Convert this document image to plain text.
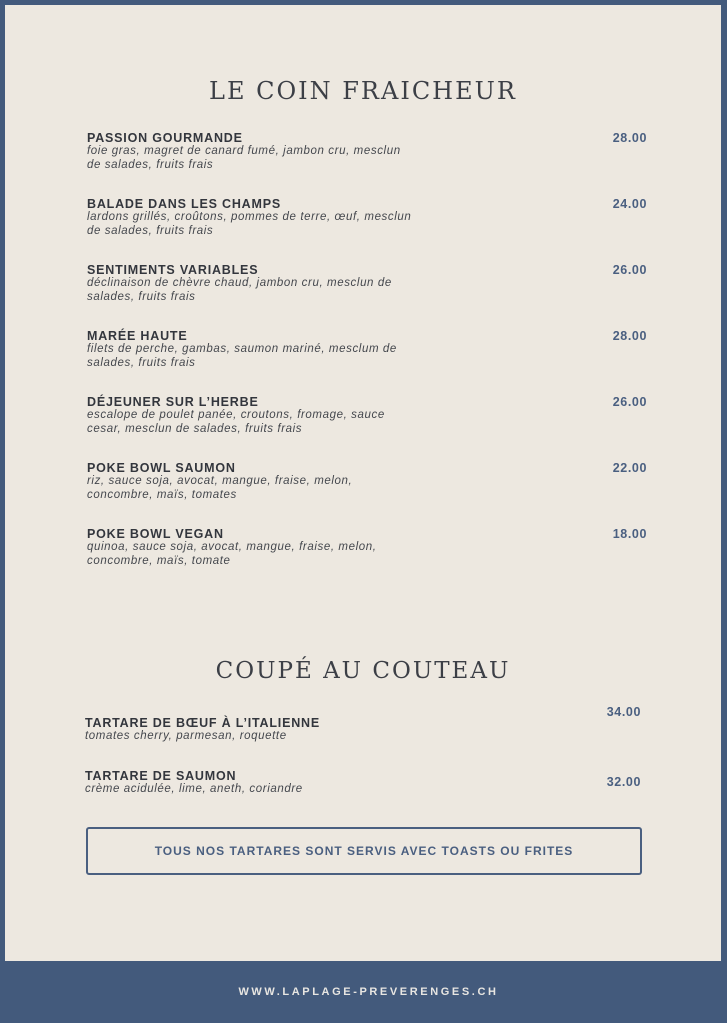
LE COIN FRAICHEUR
PASSION GOURMANDE
foie gras, magret de canard fumé, jambon cru, mesclun de salades, fruits frais
28.00
BALADE DANS LES CHAMPS
lardons grillés, croûtons, pommes de terre, œuf, mesclun de salades, fruits frais
24.00
SENTIMENTS VARIABLES
déclinaison de chèvre chaud, jambon cru, mesclun de salades, fruits frais
26.00
MARÉE HAUTE
filets de perche, gambas, saumon mariné, mesclum de salades, fruits frais
28.00
DÉJEUNER SUR L’HERBE
escalope de poulet panée, croutons, fromage, sauce cesar, mesclun de salades, fruits frais
26.00
POKE BOWL SAUMON
riz, sauce soja, avocat, mangue, fraise, melon, concombre, maïs, tomates
22.00
POKE BOWL VEGAN
quinoa, sauce soja, avocat, mangue, fraise, melon, concombre, maïs, tomate
18.00
COUPÉ AU COUTEAU
TARTARE DE BŒUF À L’ITALIENNE
tomates cherry, parmesan, roquette
34.00
TARTARE DE SAUMON
crème acidulée, lime, aneth, coriandre	32.00
TOUS NOS TARTARES SONT SERVIS AVEC TOASTS OU FRITES
WWW.LAPLAGE-PREVERENGES.CH
